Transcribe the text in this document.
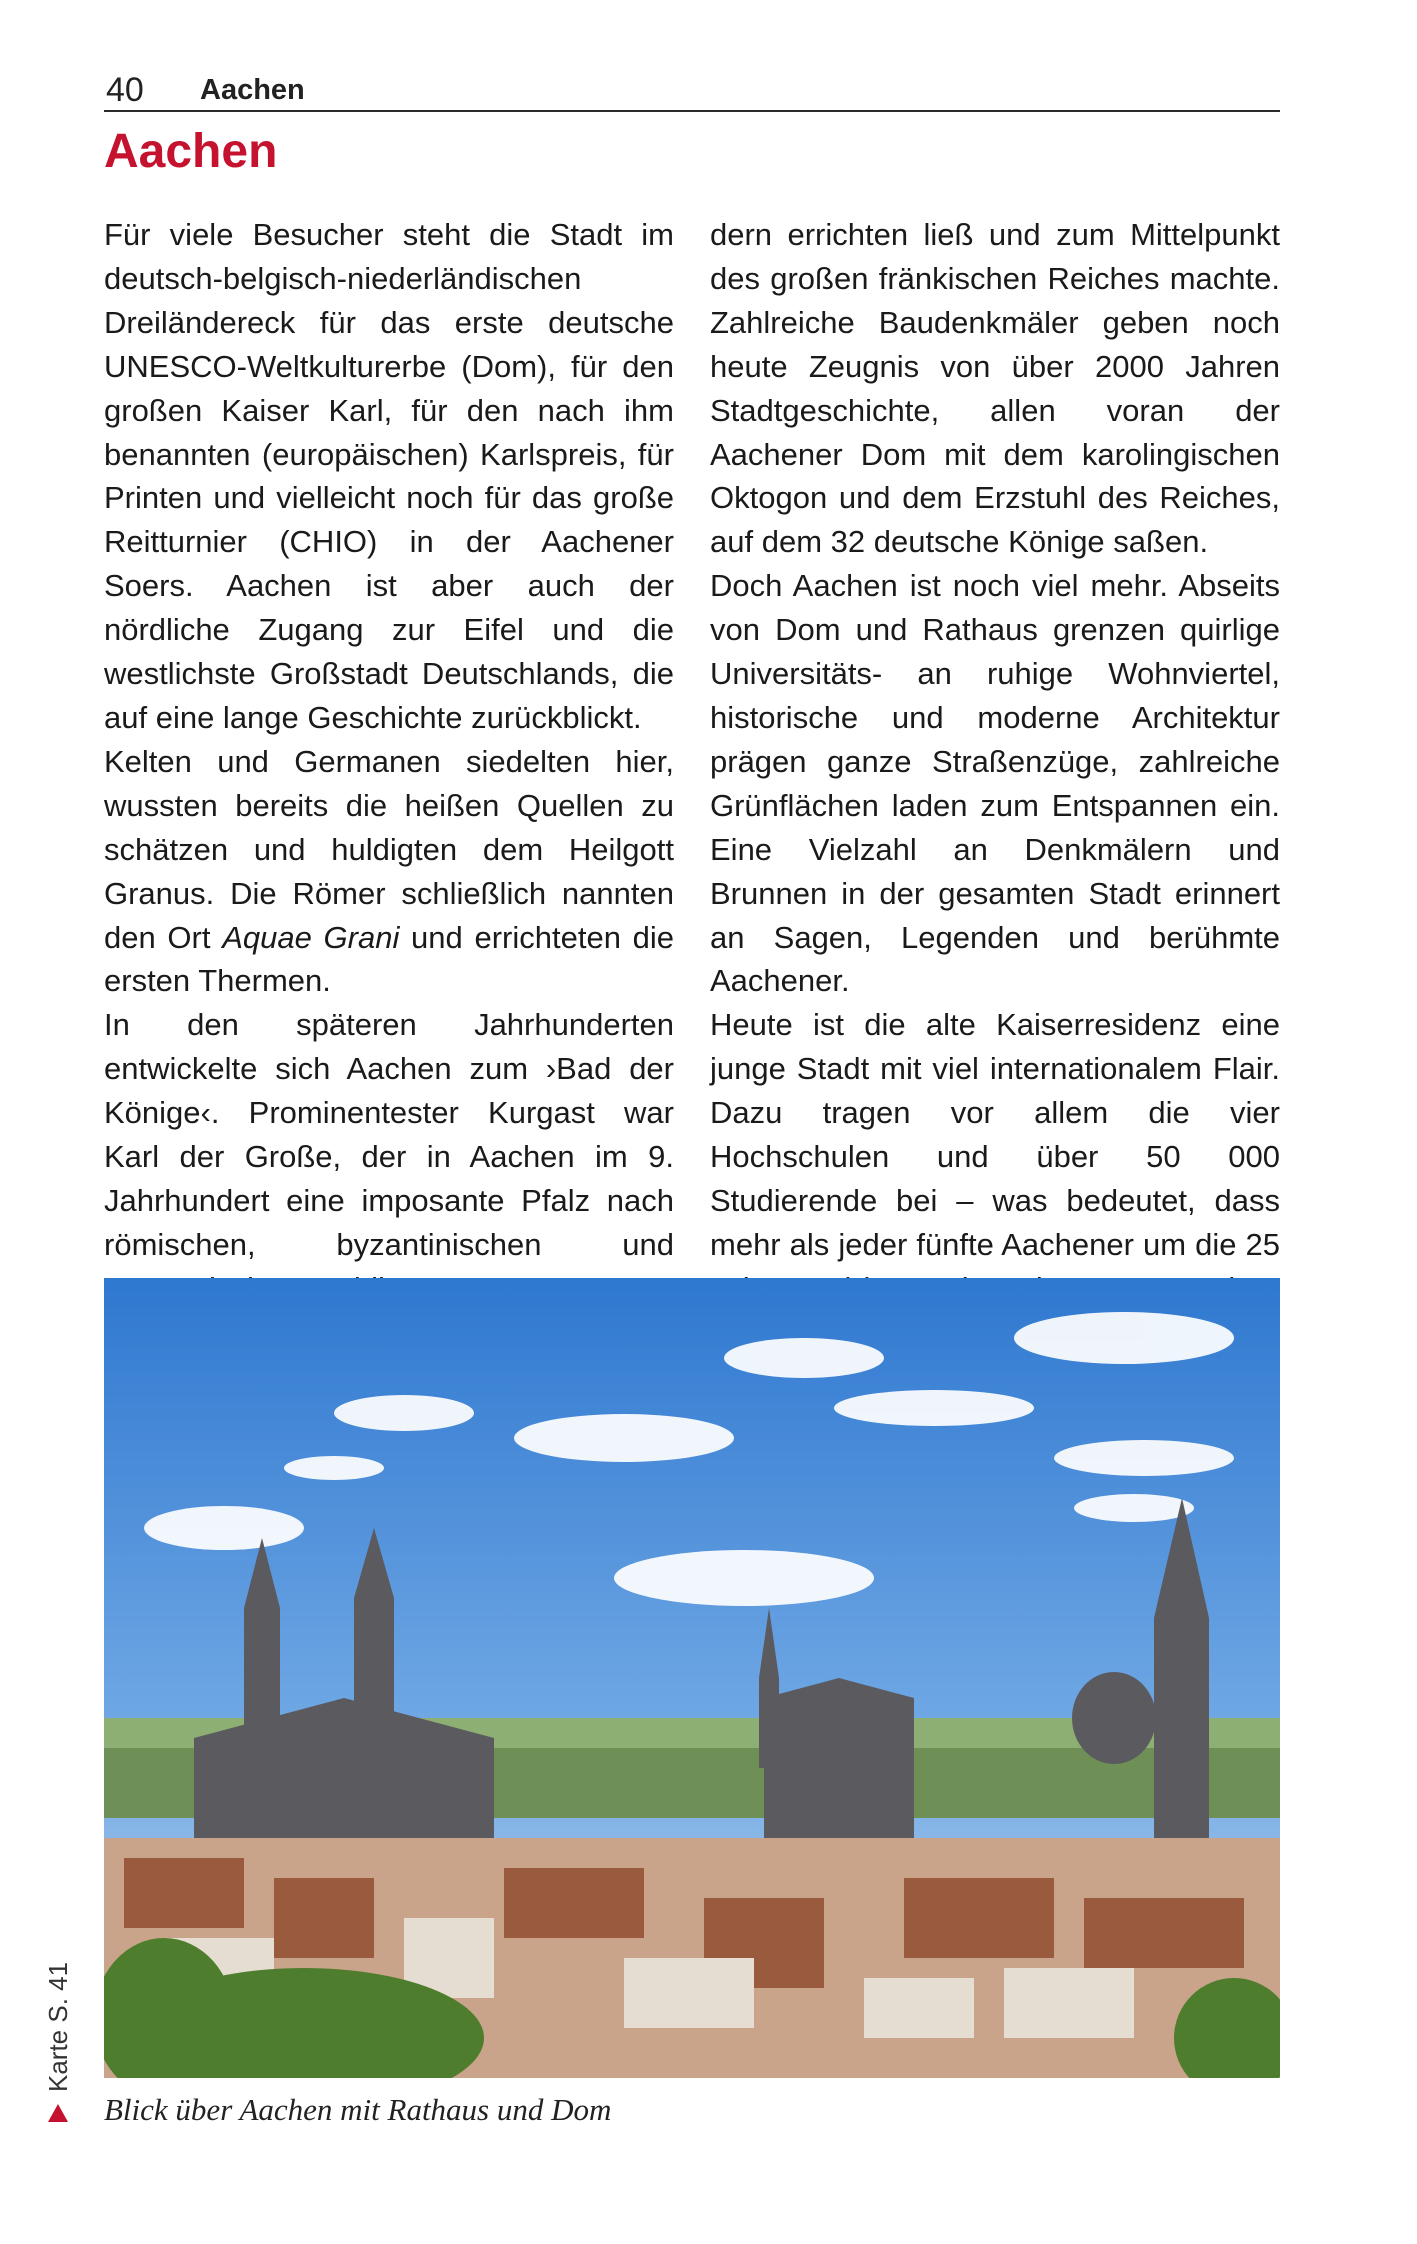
40 Aachen
Aachen

Für viele Besucher steht die Stadt im deutsch-belgisch-niederländischen Dreiländereck für das erste deutsche UNESCO-Weltkulturerbe (Dom), für den großen Kaiser Karl, für den nach ihm benannten (europäischen) Karlspreis, für Printen und vielleicht noch für das große Reitturnier (CHIO) in der Aachener Soers. Aachen ist aber auch der nördliche Zugang zur Eifel und die westlichste Großstadt Deutschlands, die auf eine lange Geschichte zurückblickt.

Kelten und Germanen siedelten hier, wussten bereits die heißen Quellen zu schätzen und huldigten dem Heilgott Granus. Die Römer schließlich nannten den Ort Aquae Grani und errichteten die ersten Thermen.

In den späteren Jahrhunderten entwickelte sich Aachen zum ›Bad der Könige‹. Prominentester Kurgast war Karl der Große, der in Aachen im 9. Jahrhundert eine imposante Pfalz nach römischen, byzantinischen und

dern errichten ließ und zum Mittelpunkt des großen fränkischen Reiches machte. Zahlreiche Baudenkmäler geben noch heute Zeugnis von über 2000 Jahren Stadtgeschichte, allen voran der Aachener Dom mit dem karolingischen Oktogon und dem Erzstuhl des Reiches, auf dem 32 deutsche Könige saßen.

Doch Aachen ist noch viel mehr. Abseits von Dom und Rathaus grenzen quirlige Universitäts- an ruhige Wohnviertel, historische und moderne Architektur prägen ganze Straßenzüge, zahlreiche Grünflächen laden zum Entspannen ein. Eine Vielzahl an Denkmälern und Brunnen in der gesamten Stadt erinnert an Sagen, Legenden und berühmte Aachener.

Heute ist die alte Kaiserresidenz eine junge Stadt mit viel internationalem Flair. Dazu tragen vor allem die vier Hochschulen und über 50 000 Studierende bei – was bedeutet, dass mehr als jeder fünfte Aachener um die 25

Blick über Aachen mit Rathaus und Dom
Karte S. 41
